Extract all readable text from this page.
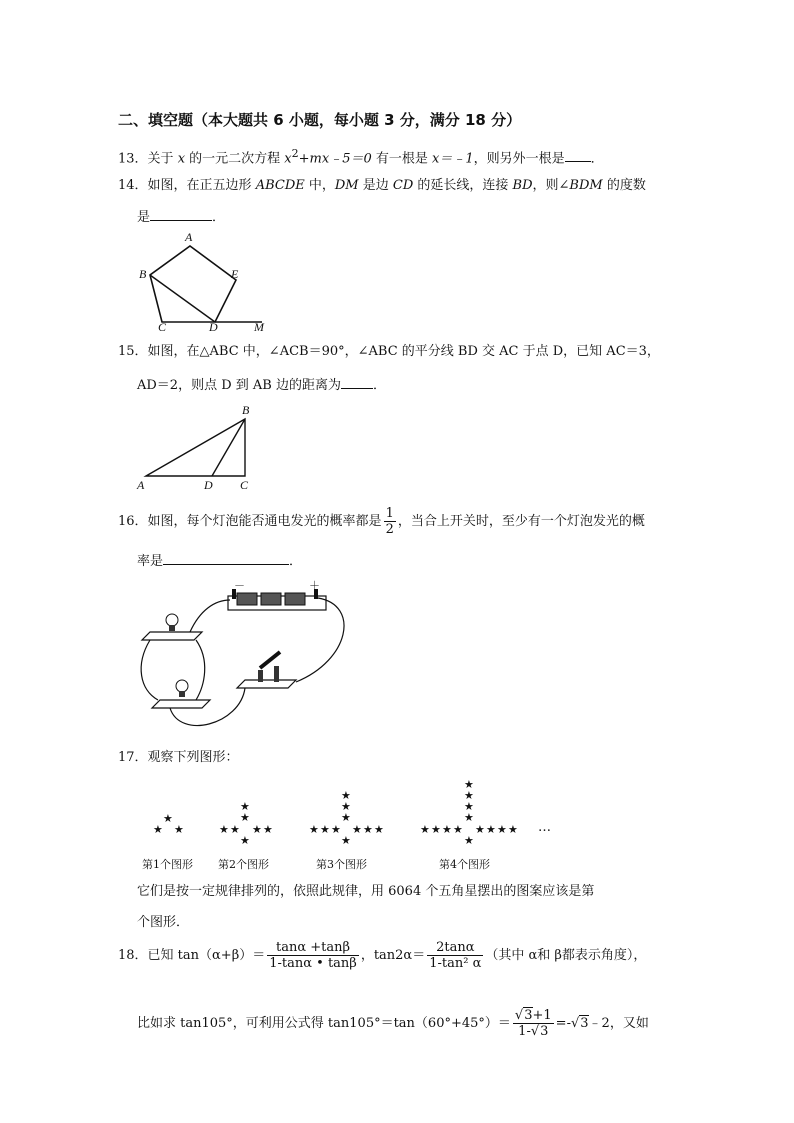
二、填空题（本大题共 6 小题，每小题 3 分，满分 18 分）
13．关于 x 的一元二次方程 $x^2+mx﹣5=0$ 有一根是 x＝﹣1，则另外一根是 ．
14．如图，在正五边形 ABCDE 中，DM 是边 CD 的延长线，连接 BD，则∠BDM 的度数
是	．
A
B	E
C	D	M
15．如图，在△ABC 中，∠ACB＝90°，∠ABC 的平分线 BD 交 AC 于点 D，已知 AC＝3，
AD＝2，则点 D 到 AB 边的距离为 ．
B
A	D C
16．如图，每个灯泡能否通电发光的概率都是 $\frac{1}{2}$ ，当合上开关时，至少有一个灯泡发光的概
率是	．
－	＋
17．观察下列图形：
★
★ ★
★
★
★ ★ ★ ★
★
★
★
★
★ ★ ★ ★ ★ ★
★
★
★
★
★
★ ★ ★ ★ ★ ★ ★ ★
★
…
第1个图形 第2个图形	第3个图形	第4个图形
它们是按一定规律排列的，依照此规律，用 6064 个五角星摆出的图案应该是第
个图形．
18．已知 $\tan(\alpha+\beta)= \frac{\tan\alpha +\tan\beta}{1-\tan\alpha • \tan\beta}$ ，$\tan 2\alpha= \frac{2\tan\alpha}{\text{1-tan² α}}$ （其中 α和 β都表示角度），
比如求 tan105°，可利用公式得 $\tan 105^\circ=\tan(60^\circ+45^\circ)= \frac{√3+1}{1-√3}$ =-√3﹣2，又如
